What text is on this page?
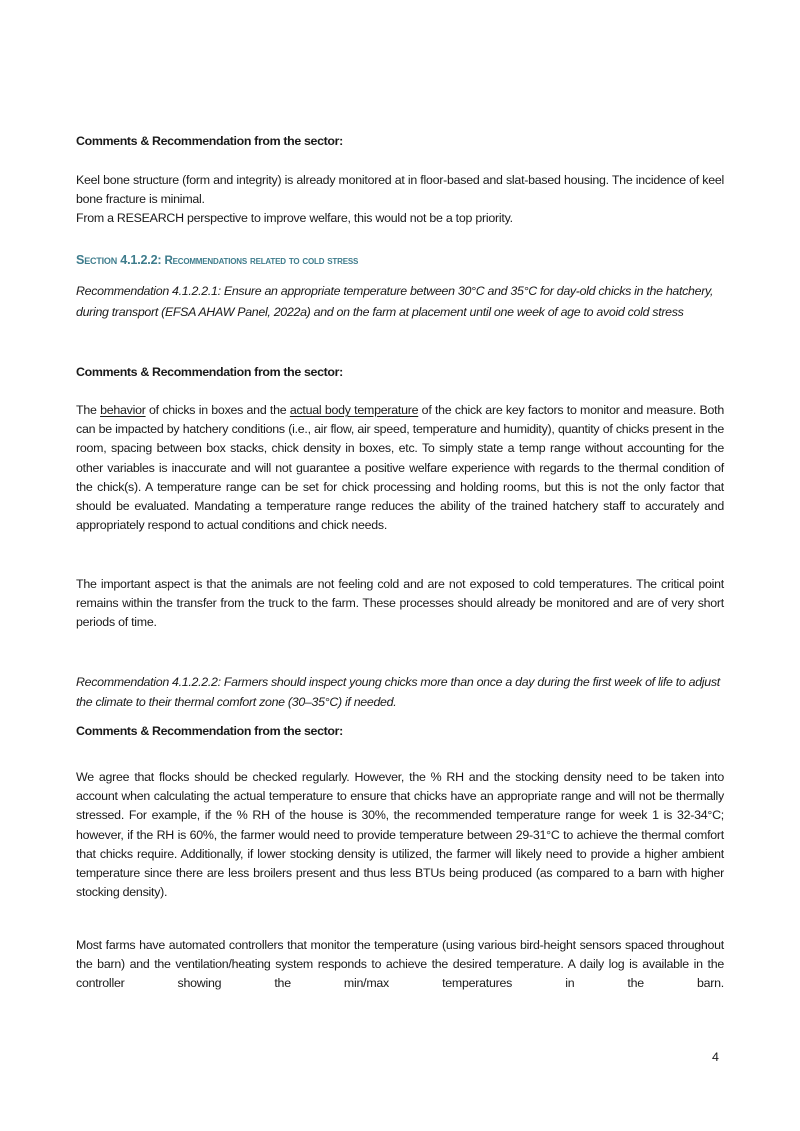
Comments & Recommendation from the sector:

Keel bone structure (form and integrity) is already monitored at in floor-based and slat-based housing. The incidence of keel bone fracture is minimal.
From a RESEARCH perspective to improve welfare, this would not be a top priority.

Section 4.1.2.2: Recommendations related to cold stress

Recommendation 4.1.2.2.1: Ensure an appropriate temperature between 30°C and 35°C for day-old chicks in the hatchery, during transport (EFSA AHAW Panel, 2022a) and on the farm at placement until one week of age to avoid cold stress

Comments & Recommendation from the sector:

The behavior of chicks in boxes and the actual body temperature of the chick are key factors to monitor and measure. Both can be impacted by hatchery conditions (i.e., air flow, air speed, temperature and humidity), quantity of chicks present in the room, spacing between box stacks, chick density in boxes, etc. To simply state a temp range without accounting for the other variables is inaccurate and will not guarantee a positive welfare experience with regards to the thermal condition of the chick(s). A temperature range can be set for chick processing and holding rooms, but this is not the only factor that should be evaluated. Mandating a temperature range reduces the ability of the trained hatchery staff to accurately and appropriately respond to actual conditions and chick needs.

The important aspect is that the animals are not feeling cold and are not exposed to cold temperatures. The critical point remains within the transfer from the truck to the farm. These processes should already be monitored and are of very short periods of time.

Recommendation 4.1.2.2.2: Farmers should inspect young chicks more than once a day during the first week of life to adjust the climate to their thermal comfort zone (30–35°C) if needed.

Comments & Recommendation from the sector:

We agree that flocks should be checked regularly. However, the % RH and the stocking density need to be taken into account when calculating the actual temperature to ensure that chicks have an appropriate range and will not be thermally stressed. For example, if the % RH of the house is 30%, the recommended temperature range for week 1 is 32-34°C; however, if the RH is 60%, the farmer would need to provide temperature between 29-31°C to achieve the thermal comfort that chicks require. Additionally, if lower stocking density is utilized, the farmer will likely need to provide a higher ambient temperature since there are less broilers present and thus less BTUs being produced (as compared to a barn with higher stocking density).

Most farms have automated controllers that monitor the temperature (using various bird-height sensors spaced throughout the barn) and the ventilation/heating system responds to achieve the desired temperature. A daily log is available in the controller showing the min/max temperatures in the barn.

4
